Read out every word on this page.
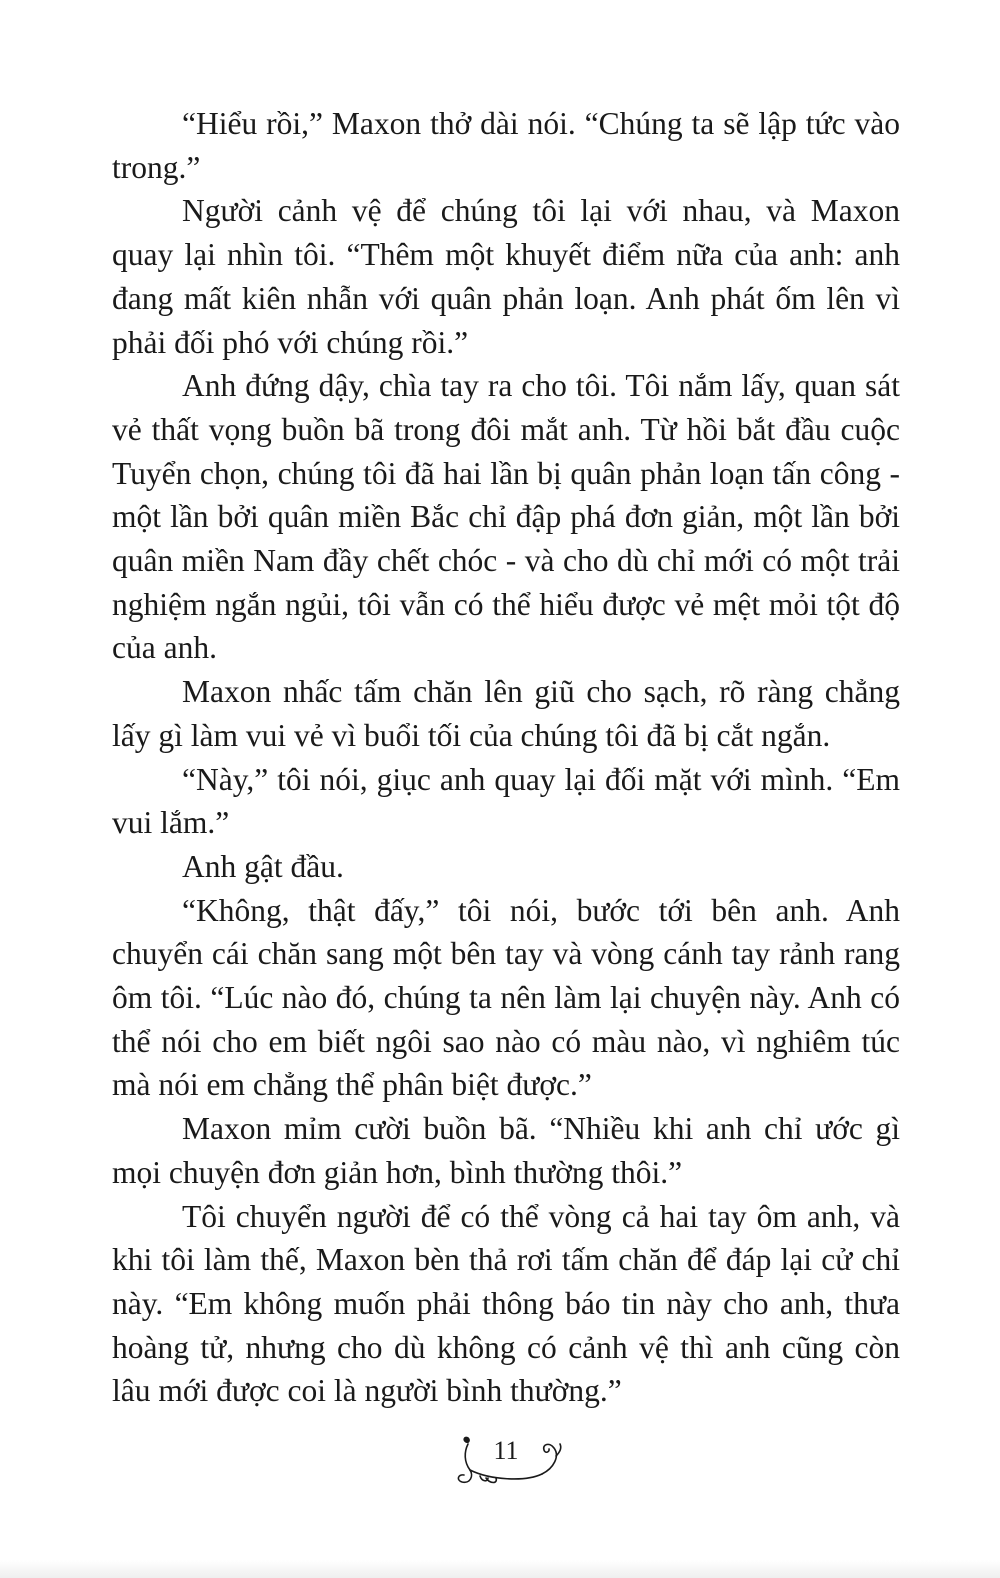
“Hiểu rồi,” Maxon thở dài nói. “Chúng ta sẽ lập tức vào trong.”

Người cảnh vệ để chúng tôi lại với nhau, và Maxon quay lại nhìn tôi. “Thêm một khuyết điểm nữa của anh: anh đang mất kiên nhẫn với quân phản loạn. Anh phát ốm lên vì phải đối phó với chúng rồi.”

Anh đứng dậy, chìa tay ra cho tôi. Tôi nắm lấy, quan sát vẻ thất vọng buồn bã trong đôi mắt anh. Từ hồi bắt đầu cuộc Tuyển chọn, chúng tôi đã hai lần bị quân phản loạn tấn công - một lần bởi quân miền Bắc chỉ đập phá đơn giản, một lần bởi quân miền Nam đầy chết chóc - và cho dù chỉ mới có một trải nghiệm ngắn ngủi, tôi vẫn có thể hiểu được vẻ mệt mỏi tột độ của anh.

Maxon nhấc tấm chăn lên giũ cho sạch, rõ ràng chẳng lấy gì làm vui vẻ vì buổi tối của chúng tôi đã bị cắt ngắn.

“Này,” tôi nói, giục anh quay lại đối mặt với mình. “Em vui lắm.”

Anh gật đầu.

“Không, thật đấy,” tôi nói, bước tới bên anh. Anh chuyển cái chăn sang một bên tay và vòng cánh tay rảnh rang ôm tôi. “Lúc nào đó, chúng ta nên làm lại chuyện này. Anh có thể nói cho em biết ngôi sao nào có màu nào, vì nghiêm túc mà nói em chẳng thể phân biệt được.”

Maxon mỉm cười buồn bã. “Nhiều khi anh chỉ ước gì mọi chuyện đơn giản hơn, bình thường thôi.”

Tôi chuyển người để có thể vòng cả hai tay ôm anh, và khi tôi làm thế, Maxon bèn thả rơi tấm chăn để đáp lại cử chỉ này. “Em không muốn phải thông báo tin này cho anh, thưa hoàng tử, nhưng cho dù không có cảnh vệ thì anh cũng còn lâu mới được coi là người bình thường.”

11
